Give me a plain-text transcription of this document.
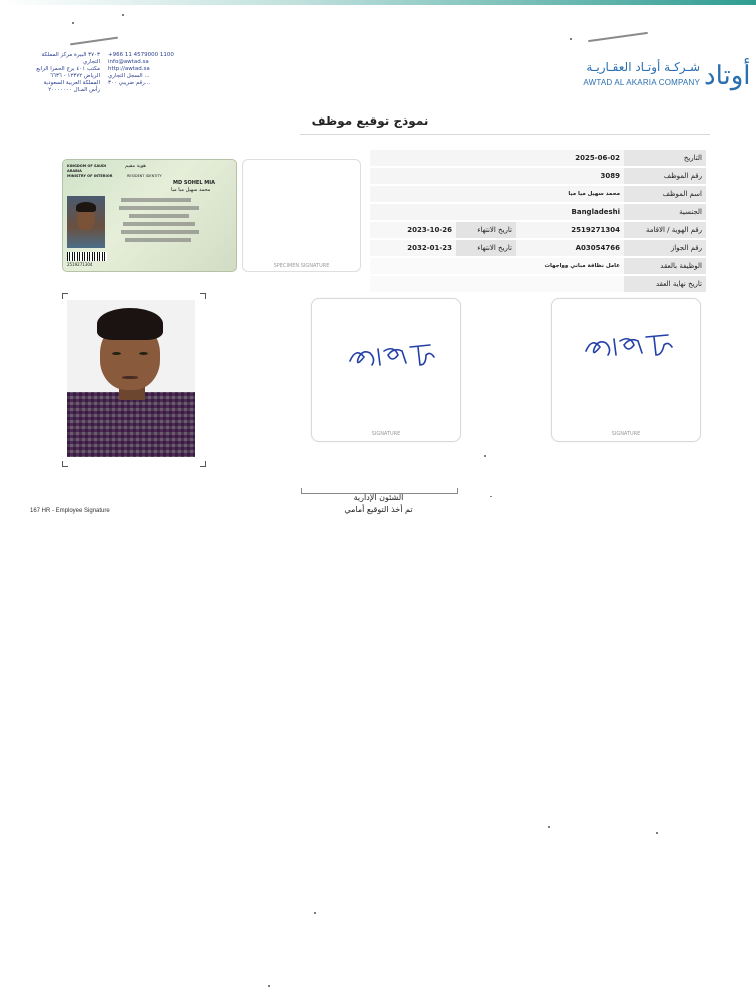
٣٧٠٣ البيرة مركز المملكة التجاري
مكتب ٤٠١ برج الحمرا الرابع
الرياض ١٢٣٧٢ - ٦٦٣٦
المملكة العربية السعودية
رأس المـال ٢٠٠٠٠٠٠٠
+966 11 4579000 1100
info@awtad.sa
http://awtad.sa
السجل التجاري ...
رقم ضريبي ٣٠٠...
شـركـة أوتـاد العقـاريـة
AWTAD AL AKARIA COMPANY أوتاد
نموذج توقيع موظف
KINGDOM OF SAUDI ARABIA
MINISTRY OF INTERIOR
هوية مقيم
RESIDENT IDENTITY
MD SOHEL MIA
محمد سهيل ميا ميا
2519271304	SPECIMEN SIGNATURE
التاريخ
2025-06-02
رقم الموظف
3089
اسم الموظف
محمد سهيل ميا ميا
الجنسية
Bangladeshi
رقم الهوية / الاقامة
2519271304
تاريخ الانتهاء
2023-10-26
رقم الجواز
A03054766
تاريخ الانتهاء
2032-01-23
الوظيفة بالعقد
عامل نظافة مباني وواجهات
تاريخ نهاية العقد
SIGNATURE	SIGNATURE
الشئون الإدارية
تم أخذ التوقيع أمامي
167 HR - Employee Signature
